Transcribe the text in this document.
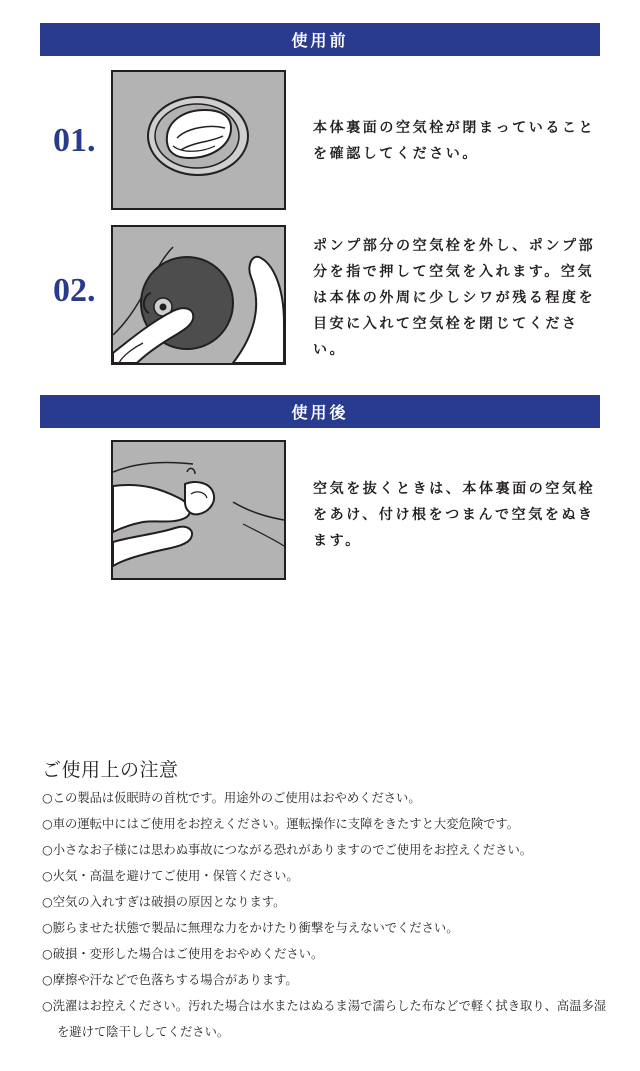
使用前
01.	本体裏面の空気栓が閉まっていることを確認してください。

02.

ポンプ部分の空気栓を外し、ポンプ部分を指で押して空気を入れます。空気は本体の外周に少しシワが残る程度を目安に入れて空気栓を閉じてください。

使用後

空気を抜くときは、本体裏面の空気栓をあけ、付け根をつまんで空気をぬきます。

ご使用上の注意
○この製品は仮眠時の首枕です。用途外のご使用はおやめください。
○車の運転中にはご使用をお控えください。運転操作に支障をきたすと大変危険です。
○小さなお子様には思わぬ事故につながる恐れがありますのでご使用をお控えください。
○火気・高温を避けてご使用・保管ください。
○空気の入れすぎは破損の原因となります。
○膨らませた状態で製品に無理な力をかけたり衝撃を与えないでください。
○破損・変形した場合はご使用をおやめください。
○摩擦や汗などで色落ちする場合があります。
○洗濯はお控えください。汚れた場合は水またはぬるま湯で濡らした布などで軽く拭き取り、高温多湿を避けて陰干ししてください。
